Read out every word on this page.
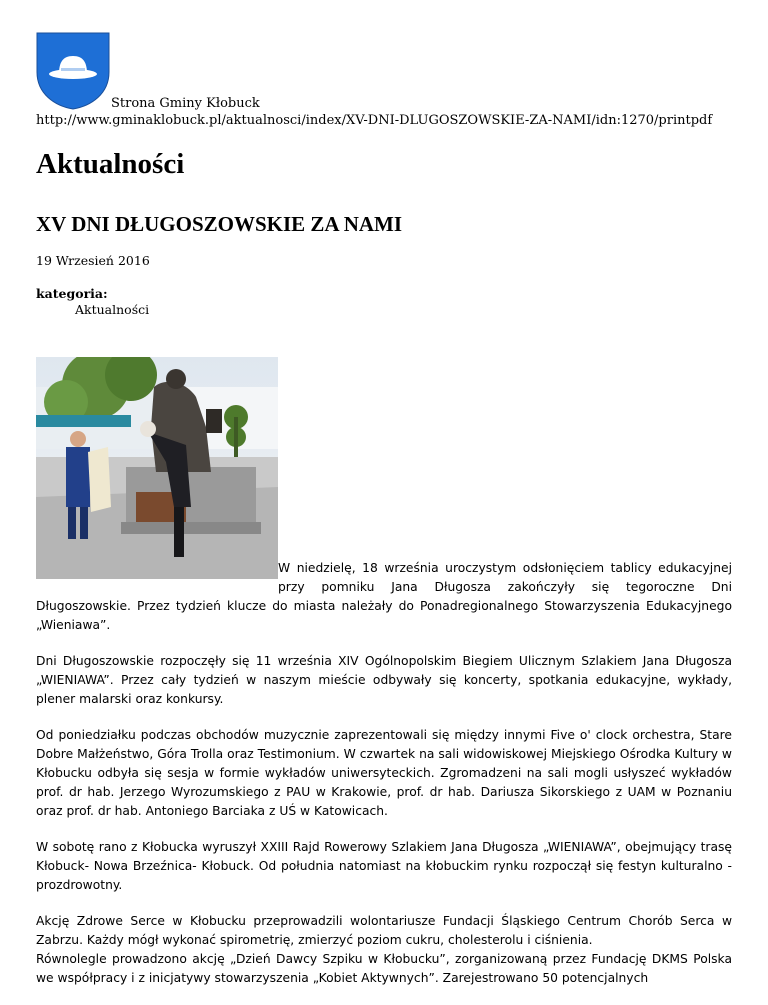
Strona Gminy Kłobuck
http://www.gminaklobuck.pl/aktualnosci/index/XV-DNI-DLUGOSZOWSKIE-ZA-NAMI/idn:1270/printpdf
Aktualności
XV DNI DŁUGOSZOWSKIE ZA NAMI
19 Wrzesień 2016
kategoria:
Aktualności
W niedzielę, 18 września uroczystym odsłonięciem tablicy edukacyjnej przy pomniku Jana Długosza zakończyły się tegoroczne Dni Długoszowskie. Przez tydzień klucze do miasta należały do Ponadregionalnego Stowarzyszenia Edukacyjnego „Wieniawa”.
Dni Długoszowskie rozpoczęły się 11 września XIV Ogólnopolskim Biegiem Ulicznym Szlakiem Jana Długosza „WIENIAWA”. Przez cały tydzień w naszym mieście odbywały się koncerty, spotkania edukacyjne, wykłady, plener malarski oraz konkursy.
Od poniedziałku podczas obchodów muzycznie zaprezentowali się między innymi Five o' clock orchestra, Stare Dobre Małżeństwo, Góra Trolla oraz Testimonium. W czwartek na sali widowiskowej Miejskiego Ośrodka Kultury w Kłobucku odbyła się sesja w formie wykładów uniwersyteckich. Zgromadzeni na sali mogli usłyszeć wykładów prof. dr hab. Jerzego Wyrozumskiego z PAU w Krakowie, prof. dr hab. Dariusza Sikorskiego z UAM w Poznaniu oraz prof. dr hab. Antoniego Barciaka z UŚ w Katowicach.
W sobotę rano z Kłobucka wyruszył XXIII Rajd Rowerowy Szlakiem Jana Długosza „WIENIAWA”, obejmujący trasę Kłobuck- Nowa Brzeźnica- Kłobuck. Od południa natomiast na kłobuckim rynku rozpoczął się festyn kulturalno - prozdrowotny.
Akcję Zdrowe Serce w Kłobucku przeprowadzili wolontariusze Fundacji Śląskiego Centrum Chorób Serca w Zabrzu. Każdy mógł wykonać spirometrię, zmierzyć poziom cukru, cholesterolu i ciśnienia.
Równolegle prowadzono akcję „Dzień Dawcy Szpiku w Kłobucku”, zorganizowaną przez Fundację DKMS Polska we współpracy i z inicjatywy stowarzyszenia „Kobiet Aktywnych”. Zarejestrowano 50 potencjalnych
